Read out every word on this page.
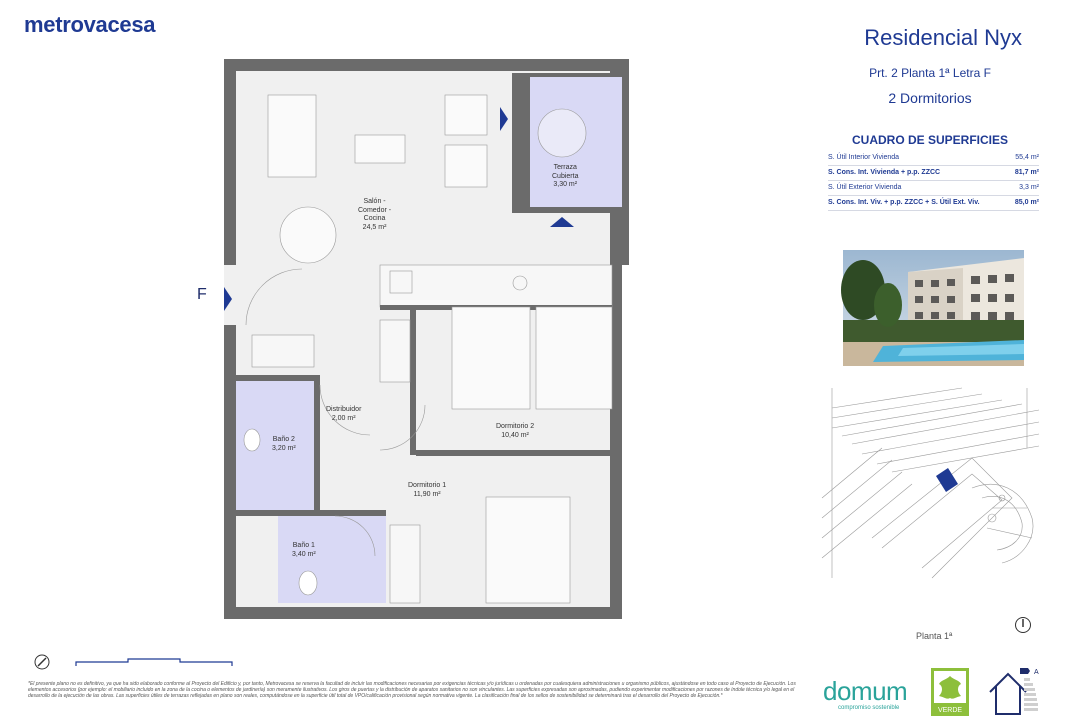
metrovacesa
Residencial Nyx
Prt. 2 Planta 1ª Letra F
2 Dormitorios
CUADRO DE SUPERFICIES
S. Útil Interior Vivienda	55,4 m²
S. Cons. Int. Vivienda + p.p. ZZCC	81,7 m²
S. Útil Exterior Vivienda	3,3 m²
S. Cons. Int. Viv. + p.p. ZZCC + S. Útil Ext. Viv.	85,0 m²
Planta 1ª
Salón -
Comedor -
Cocina
24,5 m²
Terraza
Cubierta
3,30 m²
Distribuidor
2,00 m²
Dormitorio 2
10,40 m²
Dormitorio 1
11,90 m²
Baño 2
3,20 m²
Baño 1
3,40 m²
F
*El presente plano no es definitivo, ya que ha sido elaborado conforme al Proyecto del Edificio y, por tanto, Metrovacesa se reserva la facultad de incluir las modificaciones necesarias por exigencias técnicas y/o jurídicas u ordenadas por cualesquiera administraciones u organismo públicos, ajustándose en todo caso al Proyecto de Ejecución. Los elementos accesorios (por ejemplo: el mobiliario incluido en la zona de la cocina o elementos de jardinería) son meramente ilustrativos. Los giros de puertas y la distribución de aparatos sanitarios no son vinculantes. Las superficies expresadas son aproximadas, pudiendo experimentar modificaciones por razones de índole técnica y/o legal en el desarrollo de la ejecución de las obras. Las superficies útiles de terrazas reflejadas en plano son reales, computándose en la superficie útil total de VPO/calificación provisional según normativa vigente. La clasificación final de los sellos de sostenibilidad se determinará tras el desarrollo del Proyecto de Ejecución.*	domum
compromiso sostenible	VERDE
A
